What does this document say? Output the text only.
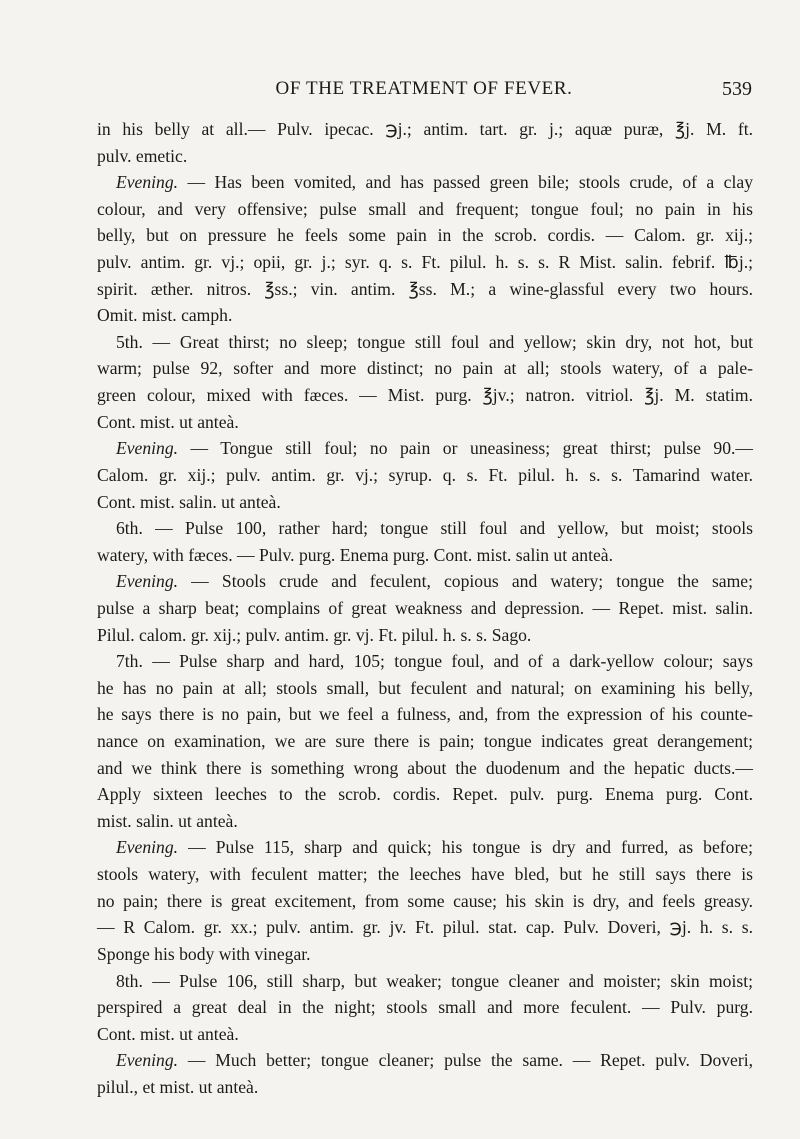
OF THE TREATMENT OF FEVER.	539
in his belly at all.— Pulv. ipecac. ℈j.; antim. tart. gr. j.; aquæ puræ, ℥j. M. ft.
pulv. emetic.
Evening. — Has been vomited, and has passed green bile; stools crude, of a clay
colour, and very offensive; pulse small and frequent; tongue foul; no pain in his
belly, but on pressure he feels some pain in the scrob. cordis. — Calom. gr. xij.;
pulv. antim. gr. vj.; opii, gr. j.; syr. q. s. Ft. pilul. h. s. s. R Mist. salin. febrif. ℔j.;
spirit. æther. nitros. ℥ss.; vin. antim. ℥ss. M.; a wine-glassful every two hours.
Omit. mist. camph.
5th. — Great thirst; no sleep; tongue still foul and yellow; skin dry, not hot, but
warm; pulse 92, softer and more distinct; no pain at all; stools watery, of a pale-
green colour, mixed with fæces. — Mist. purg. ℥jv.; natron. vitriol. ℥j. M. statim.
Cont. mist. ut anteà.
Evening. — Tongue still foul; no pain or uneasiness; great thirst; pulse 90.—
Calom. gr. xij.; pulv. antim. gr. vj.; syrup. q. s. Ft. pilul. h. s. s. Tamarind water.
Cont. mist. salin. ut anteà.
6th. — Pulse 100, rather hard; tongue still foul and yellow, but moist; stools
watery, with fæces. — Pulv. purg. Enema purg. Cont. mist. salin ut anteà.
Evening. — Stools crude and feculent, copious and watery; tongue the same;
pulse a sharp beat; complains of great weakness and depression. — Repet. mist. salin.
Pilul. calom. gr. xij.; pulv. antim. gr. vj. Ft. pilul. h. s. s. Sago.
7th. — Pulse sharp and hard, 105; tongue foul, and of a dark-yellow colour; says
he has no pain at all; stools small, but feculent and natural; on examining his belly,
he says there is no pain, but we feel a fulness, and, from the expression of his counte-
nance on examination, we are sure there is pain; tongue indicates great derangement;
and we think there is something wrong about the duodenum and the hepatic ducts.—
Apply sixteen leeches to the scrob. cordis. Repet. pulv. purg. Enema purg. Cont.
mist. salin. ut anteà.
Evening. — Pulse 115, sharp and quick; his tongue is dry and furred, as before;
stools watery, with feculent matter; the leeches have bled, but he still says there is
no pain; there is great excitement, from some cause; his skin is dry, and feels greasy.
— R Calom. gr. xx.; pulv. antim. gr. jv. Ft. pilul. stat. cap. Pulv. Doveri, ℈j. h. s. s.
Sponge his body with vinegar.
8th. — Pulse 106, still sharp, but weaker; tongue cleaner and moister; skin moist;
perspired a great deal in the night; stools small and more feculent. — Pulv. purg.
Cont. mist. ut anteà.
Evening. — Much better; tongue cleaner; pulse the same. — Repet. pulv. Doveri,
pilul., et mist. ut anteà.
